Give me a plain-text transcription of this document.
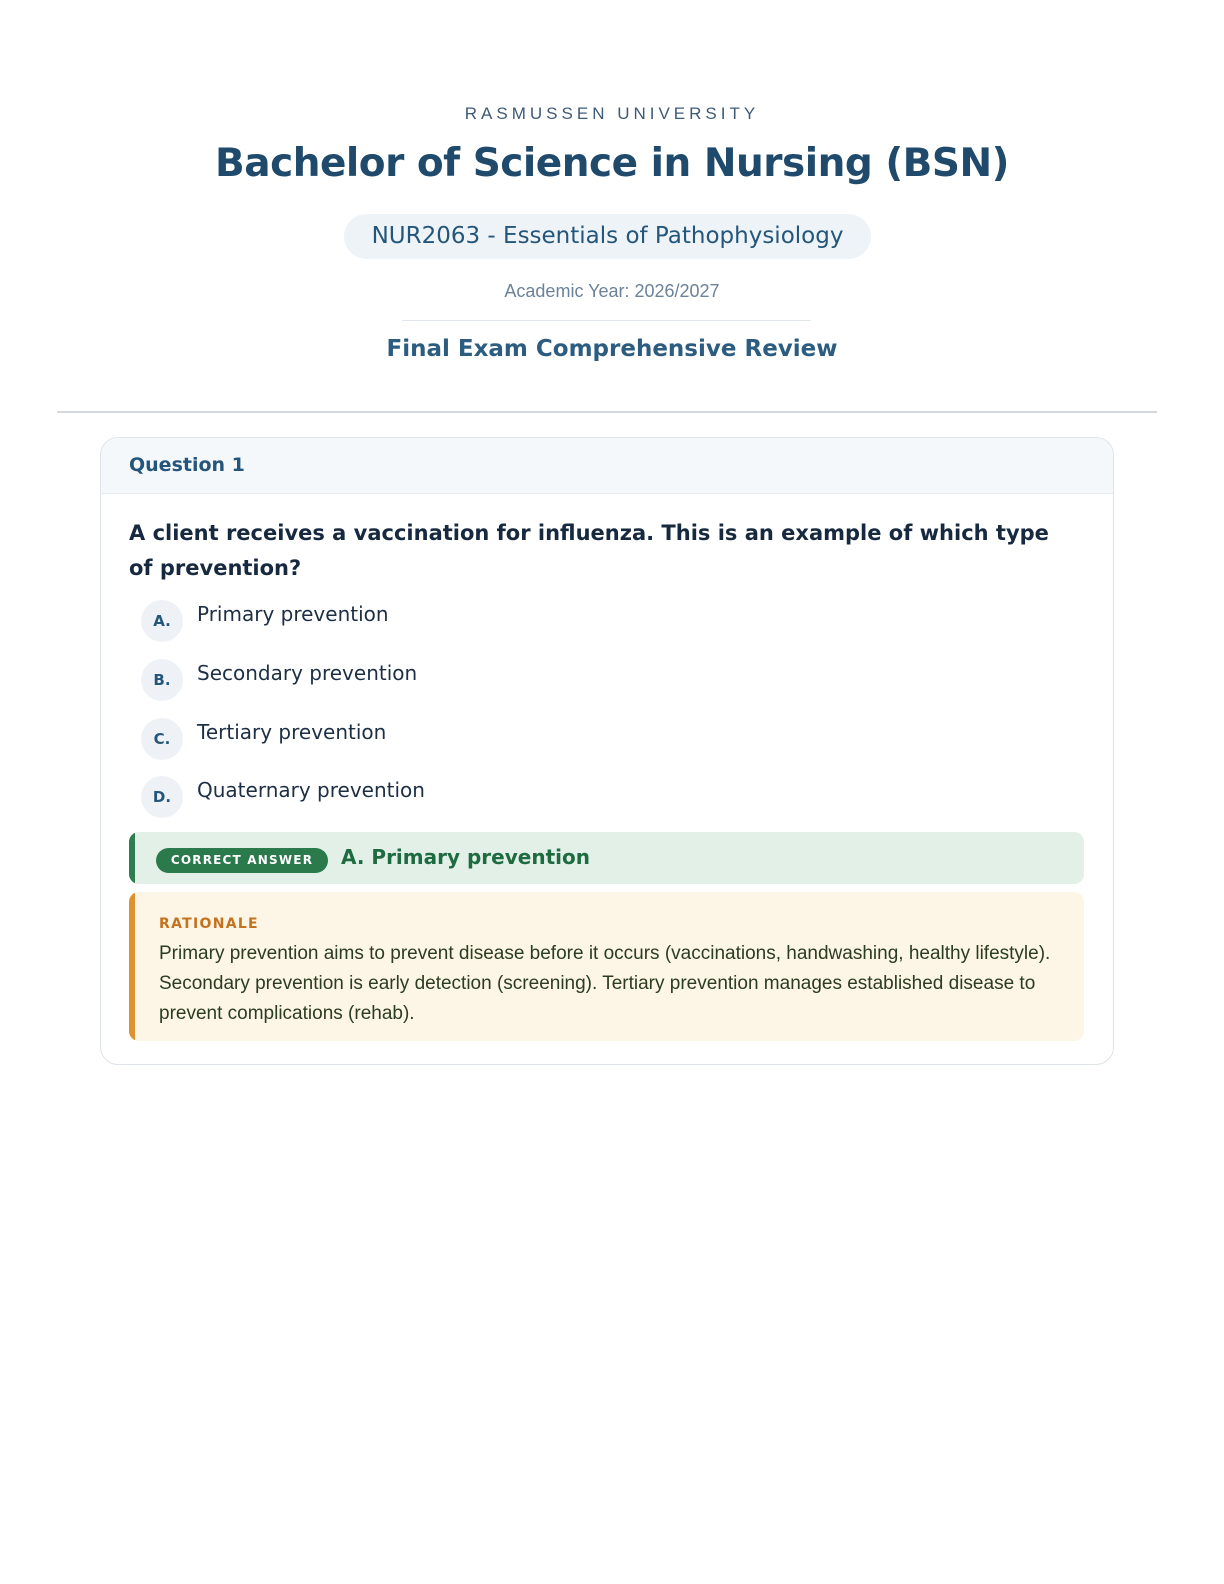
RASMUSSEN UNIVERSITY
Bachelor of Science in Nursing (BSN)
NUR2063 - Essentials of Pathophysiology
Academic Year: 2026/2027
Final Exam Comprehensive Review
Question 1
A client receives a vaccination for influenza. This is an example of which type of prevention?
A.	Primary prevention
B.	Secondary prevention
C.	Tertiary prevention
D.	Quaternary prevention
CORRECT ANSWER	A. Primary prevention
RATIONALE
Primary prevention aims to prevent disease before it occurs (vaccinations, handwashing, healthy lifestyle). Secondary prevention is early detection (screening). Tertiary prevention manages established disease to prevent complications (rehab).
